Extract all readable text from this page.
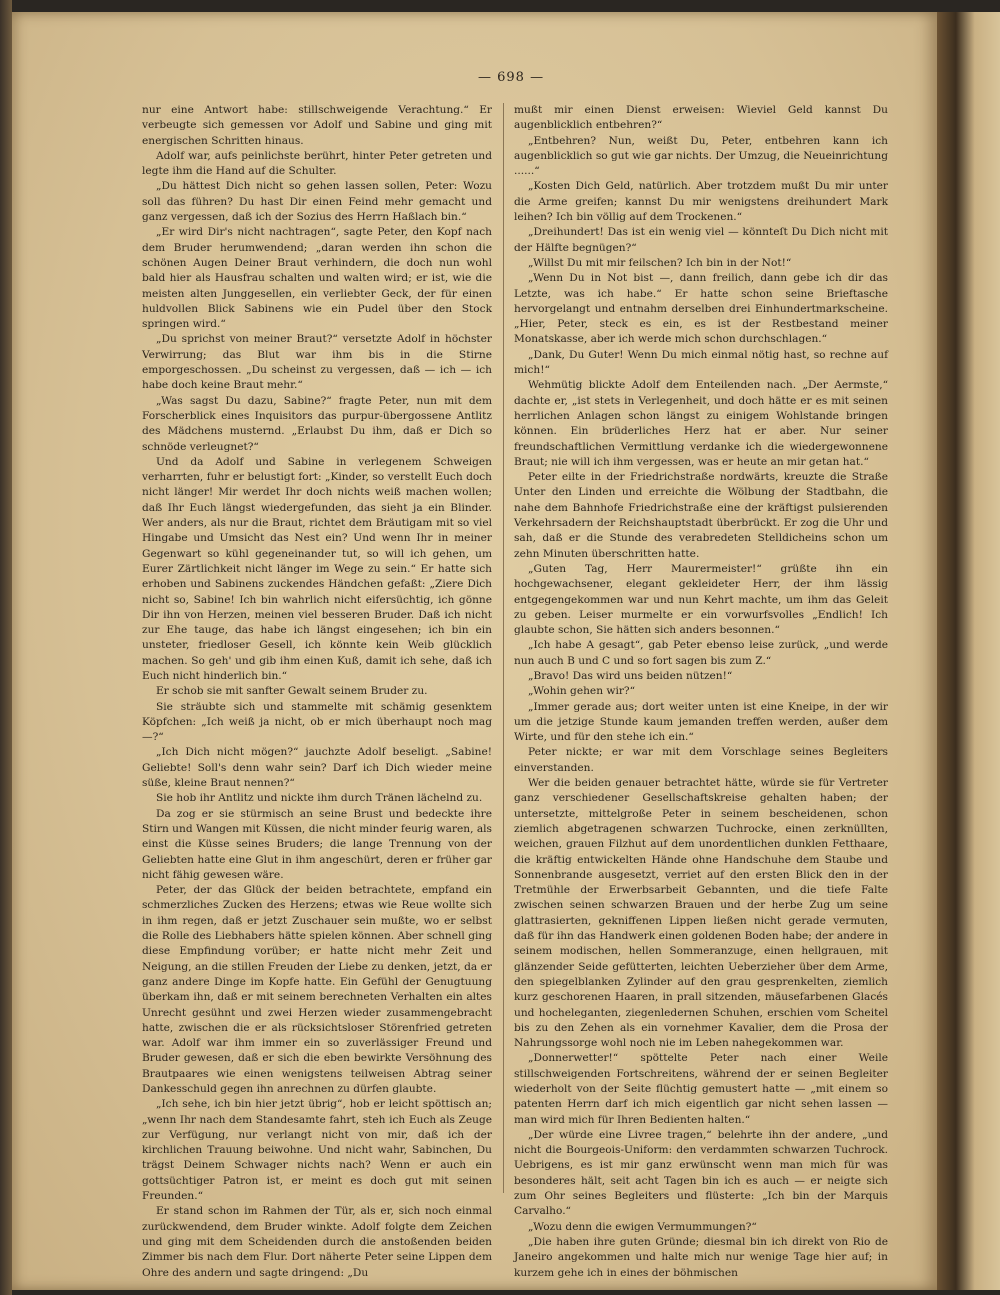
— 698 —

nur eine Antwort habe: stillschweigende Verachtung.“ Er verbeugte sich gemessen vor Adolf und Sabine und ging mit energischen Schritten hinaus.

Adolf war, aufs peinlichste berührt, hinter Peter getreten und legte ihm die Hand auf die Schulter.

„Du hättest Dich nicht so gehen lassen sollen, Peter: Wozu soll das führen? Du hast Dir einen Feind mehr gemacht und ganz vergessen, daß ich der Sozius des Herrn Haßlach bin.“

„Er wird Dir's nicht nachtragen“, sagte Peter, den Kopf nach dem Bruder herumwendend; „daran werden ihn schon die schönen Augen Deiner Braut verhindern, die doch nun wohl bald hier als Hausfrau schalten und walten wird; er ist, wie die meisten alten Junggesellen, ein verliebter Geck, der für einen huldvollen Blick Sabinens wie ein Pudel über den Stock springen wird.“

„Du sprichst von meiner Braut?“ versetzte Adolf in höchster Verwirrung; das Blut war ihm bis in die Stirne emporgeschossen. „Du scheinst zu vergessen, daß — ich — ich habe doch keine Braut mehr.“

„Was sagst Du dazu, Sabine?“ fragte Peter, nun mit dem Forscherblick eines Inquisitors das purpur-übergossene Antlitz des Mädchens musternd. „Erlaubst Du ihm, daß er Dich so schnöde verleugnet?“

Und da Adolf und Sabine in verlegenem Schweigen verharrten, fuhr er belustigt fort: „Kinder, so verstellt Euch doch nicht länger! Mir werdet Ihr doch nichts weiß machen wollen; daß Ihr Euch längst wiedergefunden, das sieht ja ein Blinder. Wer anders, als nur die Braut, richtet dem Bräutigam mit so viel Hingabe und Umsicht das Nest ein? Und wenn Ihr in meiner Gegenwart so kühl gegeneinander tut, so will ich gehen, um Eurer Zärtlichkeit nicht länger im Wege zu sein.“ Er hatte sich erhoben und Sabinens zuckendes Händchen gefaßt: „Ziere Dich nicht so, Sabine! Ich bin wahrlich nicht eifersüchtig, ich gönne Dir ihn von Herzen, meinen viel besseren Bruder. Daß ich nicht zur Ehe tauge, das habe ich längst eingesehen; ich bin ein unsteter, friedloser Gesell, ich könnte kein Weib glücklich machen. So geh' und gib ihm einen Kuß, damit ich sehe, daß ich Euch nicht hinderlich bin.“

Er schob sie mit sanfter Gewalt seinem Bruder zu.

Sie sträubte sich und stammelte mit schämig gesenktem Köpfchen: „Ich weiß ja nicht, ob er mich überhaupt noch mag —?“

„Ich Dich nicht mögen?“ jauchzte Adolf beseligt. „Sabine! Geliebte! Soll's denn wahr sein? Darf ich Dich wieder meine süße, kleine Braut nennen?“

Sie hob ihr Antlitz und nickte ihm durch Tränen lächelnd zu.

Da zog er sie stürmisch an seine Brust und bedeckte ihre Stirn und Wangen mit Küssen, die nicht minder feurig waren, als einst die Küsse seines Bruders; die lange Trennung von der Geliebten hatte eine Glut in ihm angeschürt, deren er früher gar nicht fähig gewesen wäre.

Peter, der das Glück der beiden betrachtete, empfand ein schmerzliches Zucken des Herzens; etwas wie Reue wollte sich in ihm regen, daß er jetzt Zuschauer sein mußte, wo er selbst die Rolle des Liebhabers hätte spielen können. Aber schnell ging diese Empfindung vorüber; er hatte nicht mehr Zeit und Neigung, an die stillen Freuden der Liebe zu denken, jetzt, da er ganz andere Dinge im Kopfe hatte. Ein Gefühl der Genugtuung überkam ihn, daß er mit seinem berechneten Verhalten ein altes Unrecht gesühnt und zwei Herzen wieder zusammengebracht hatte, zwischen die er als rücksichtsloser Störenfried getreten war. Adolf war ihm immer ein so zuverlässiger Freund und Bruder gewesen, daß er sich die eben bewirkte Versöhnung des Brautpaares wie einen wenigstens teilweisen Abtrag seiner Dankesschuld gegen ihn anrechnen zu dürfen glaubte.

„Ich sehe, ich bin hier jetzt übrig“, hob er leicht spöttisch an; „wenn Ihr nach dem Standesamte fahrt, steh ich Euch als Zeuge zur Verfügung, nur verlangt nicht von mir, daß ich der kirchlichen Trauung beiwohne. Und nicht wahr, Sabinchen, Du trägst Deinem Schwager nichts nach? Wenn er auch ein gottsüchtiger Patron ist, er meint es doch gut mit seinen Freunden.“

Er stand schon im Rahmen der Tür, als er, sich noch einmal zurückwendend, dem Bruder winkte. Adolf folgte dem Zeichen und ging mit dem Scheidenden durch die anstoßenden beiden Zimmer bis nach dem Flur. Dort näherte Peter seine Lippen dem Ohre des andern und sagte dringend: „Du

mußt mir einen Dienst erweisen: Wieviel Geld kannst Du augenblicklich entbehren?“

„Entbehren? Nun, weißt Du, Peter, entbehren kann ich augenblicklich so gut wie gar nichts. Der Umzug, die Neueinrichtung ......“

„Kosten Dich Geld, natürlich. Aber trotzdem mußt Du mir unter die Arme greifen; kannst Du mir wenigstens dreihundert Mark leihen? Ich bin völlig auf dem Trockenen.“

„Dreihundert! Das ist ein wenig viel — könnteſt Du Dich nicht mit der Hälfte begnügen?“

„Willst Du mit mir feilschen? Ich bin in der Not!“

„Wenn Du in Not bist —, dann freilich, dann gebe ich dir das Letzte, was ich habe.“ Er hatte schon seine Brieftasche hervorgelangt und entnahm derselben drei Einhundertmarkscheine. „Hier, Peter, steck es ein, es ist der Restbestand meiner Monatskasse, aber ich werde mich schon durchschlagen.“

„Dank, Du Guter! Wenn Du mich einmal nötig hast, so rechne auf mich!“

Wehmütig blickte Adolf dem Enteilenden nach. „Der Aermste,“ dachte er, „ist stets in Verlegenheit, und doch hätte er es mit seinen herrlichen Anlagen schon längst zu einigem Wohlstande bringen können. Ein brüderliches Herz hat er aber. Nur seiner freundschaftlichen Vermittlung verdanke ich die wiedergewonnene Braut; nie will ich ihm vergessen, was er heute an mir getan hat.“

Peter eilte in der Friedrichstraße nordwärts, kreuzte die Straße Unter den Linden und erreichte die Wölbung der Stadtbahn, die nahe dem Bahnhofe Friedrichstraße eine der kräftigst pulsierenden Verkehrsadern der Reichshauptstadt überbrückt. Er zog die Uhr und sah, daß er die Stunde des verabredeten Stelldicheins schon um zehn Minuten überschritten hatte.

„Guten Tag, Herr Maurermeister!“ grüßte ihn ein hochgewachsener, elegant gekleideter Herr, der ihm lässig entgegengekommen war und nun Kehrt machte, um ihm das Geleit zu geben. Leiser murmelte er ein vorwurfsvolles „Endlich! Ich glaubte schon, Sie hätten sich anders besonnen.“

„Ich habe A gesagt“, gab Peter ebenso leise zurück, „und werde nun auch B und C und so fort sagen bis zum Z.“

„Bravo! Das wird uns beiden nützen!“

„Wohin gehen wir?“

„Immer gerade aus; dort weiter unten ist eine Kneipe, in der wir um die jetzige Stunde kaum jemanden treffen werden, außer dem Wirte, und für den stehe ich ein.“

Peter nickte; er war mit dem Vorschlage seines Begleiters einverstanden.

Wer die beiden genauer betrachtet hätte, würde sie für Vertreter ganz verschiedener Gesellschaftskreise gehalten haben; der untersetzte, mittelgroße Peter in seinem bescheidenen, schon ziemlich abgetragenen schwarzen Tuchrocke, einen zerknüllten, weichen, grauen Filzhut auf dem unordentlichen dunklen Fetthaare, die kräftig entwickelten Hände ohne Handschuhe dem Staube und Sonnenbrande ausgesetzt, verriet auf den ersten Blick den in der Tretmühle der Erwerbsarbeit Gebannten, und die tiefe Falte zwischen seinen schwarzen Brauen und der herbe Zug um seine glattrasierten, gekniffenen Lippen ließen nicht gerade vermuten, daß für ihn das Handwerk einen goldenen Boden habe; der andere in seinem modischen, hellen Sommeranzuge, einen hellgrauen, mit glänzender Seide gefütterten, leichten Ueberzieher über dem Arme, den spiegelblanken Zylinder auf den grau gesprenkelten, ziemlich kurz geschorenen Haaren, in prall sitzenden, mäusefarbenen Glacés und hocheleganten, ziegenledernen Schuhen, erschien vom Scheitel bis zu den Zehen als ein vornehmer Kavalier, dem die Prosa der Nahrungssorge wohl noch nie im Leben nahegekommen war.

„Donnerwetter!“ spöttelte Peter nach einer Weile stillschweigenden Fortschreitens, während der er seinen Begleiter wiederholt von der Seite flüchtig gemustert hatte — „mit einem so patenten Herrn darf ich mich eigentlich gar nicht sehen lassen — man wird mich für Ihren Bedienten halten.“

„Der würde eine Livree tragen,“ belehrte ihn der andere, „und nicht die Bourgeois-Uniform: den verdammten schwarzen Tuchrock. Uebrigens, es ist mir ganz erwünscht wenn man mich für was besonderes hält, seit acht Tagen bin ich es auch — er neigte sich zum Ohr seines Begleiters und flüsterte: „Ich bin der Marquis Carvalho.“

„Wozu denn die ewigen Vermummungen?“

„Die haben ihre guten Gründe; diesmal bin ich direkt von Rio de Janeiro angekommen und halte mich nur wenige Tage hier auf; in kurzem gehe ich in eines der böhmischen
